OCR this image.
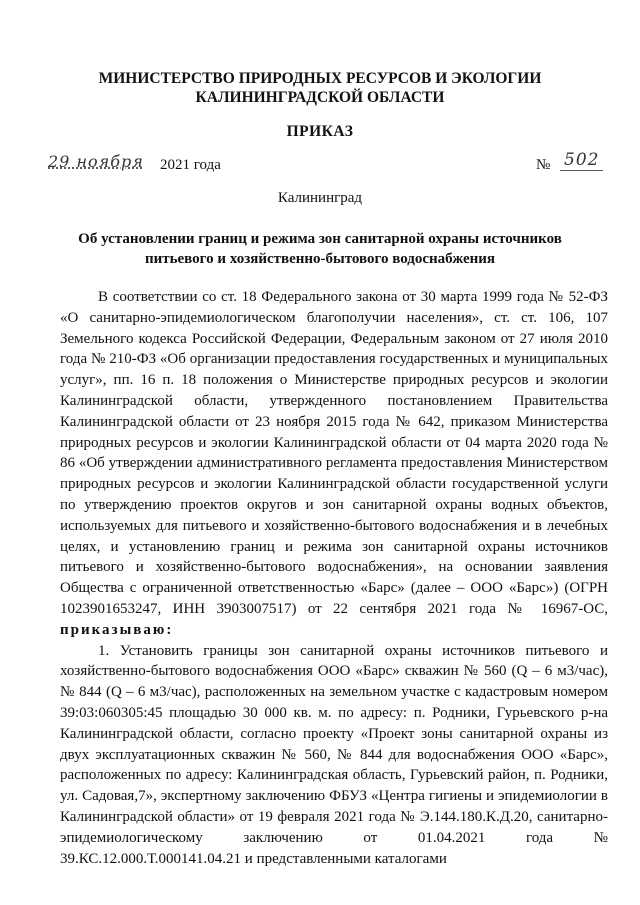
МИНИСТЕРСТВО ПРИРОДНЫХ РЕСУРСОВ И ЭКОЛОГИИ
КАЛИНИНГРАДСКОЙ ОБЛАСТИ
ПРИКАЗ
29 ноября 2021 года	№ 502
Калининград
Об установлении границ и режима зон санитарной охраны источников
питьевого и хозяйственно-бытового водоснабжения

В соответствии со ст. 18 Федерального закона от 30 марта 1999 года № 52-ФЗ «О санитарно-эпидемиологическом благополучии населения», ст. ст. 106, 107 Земельного кодекса Российской Федерации, Федеральным законом от 27 июля 2010 года № 210-ФЗ «Об организации предоставления государственных и муниципальных услуг», пп. 16 п. 18 положения о Министерстве природных ресурсов и экологии Калининградской области, утвержденного постановлением Правительства Калининградской области от 23 ноября 2015 года № 642, приказом Министерства природных ресурсов и экологии Калининградской области от 04 марта 2020 года № 86 «Об утверждении административного регламента предоставления Министерством природных ресурсов и экологии Калининградской области государственной услуги по утверждению проектов округов и зон санитарной охраны водных объектов, используемых для питьевого и хозяйственно-бытового водоснабжения и в лечебных целях, и установлению границ и режима зон санитарной охраны источников питьевого и хозяйственно-бытового водоснабжения», на основании заявления Общества с ограниченной ответственностью «Барс» (далее – ООО «Барс») (ОГРН 1023901653247, ИНН 3903007517) от 22 сентября 2021 года № 16967-ОС, приказываю:

1. Установить границы зон санитарной охраны источников питьевого и хозяйственно-бытового водоснабжения ООО «Барс» скважин № 560 (Q – 6 м3/час), № 844 (Q – 6 м3/час), расположенных на земельном участке с кадастровым номером 39:03:060305:45 площадью 30 000 кв. м. по адресу: п. Родники, Гурьевского р-на Калининградской области, согласно проекту «Проект зоны санитарной охраны из двух эксплуатационных скважин № 560, № 844 для водоснабжения ООО «Барс», расположенных по адресу: Калининградская область, Гурьевский район, п. Родники, ул. Садовая,7», экспертному заключению ФБУЗ «Центра гигиены и эпидемиологии в Калининградской области» от 19 февраля 2021 года № Э.144.180.К.Д.20, санитарно-эпидемиологическому заключению от 01.04.2021 года № 39.КС.12.000.Т.000141.04.21 и представленными каталогами
